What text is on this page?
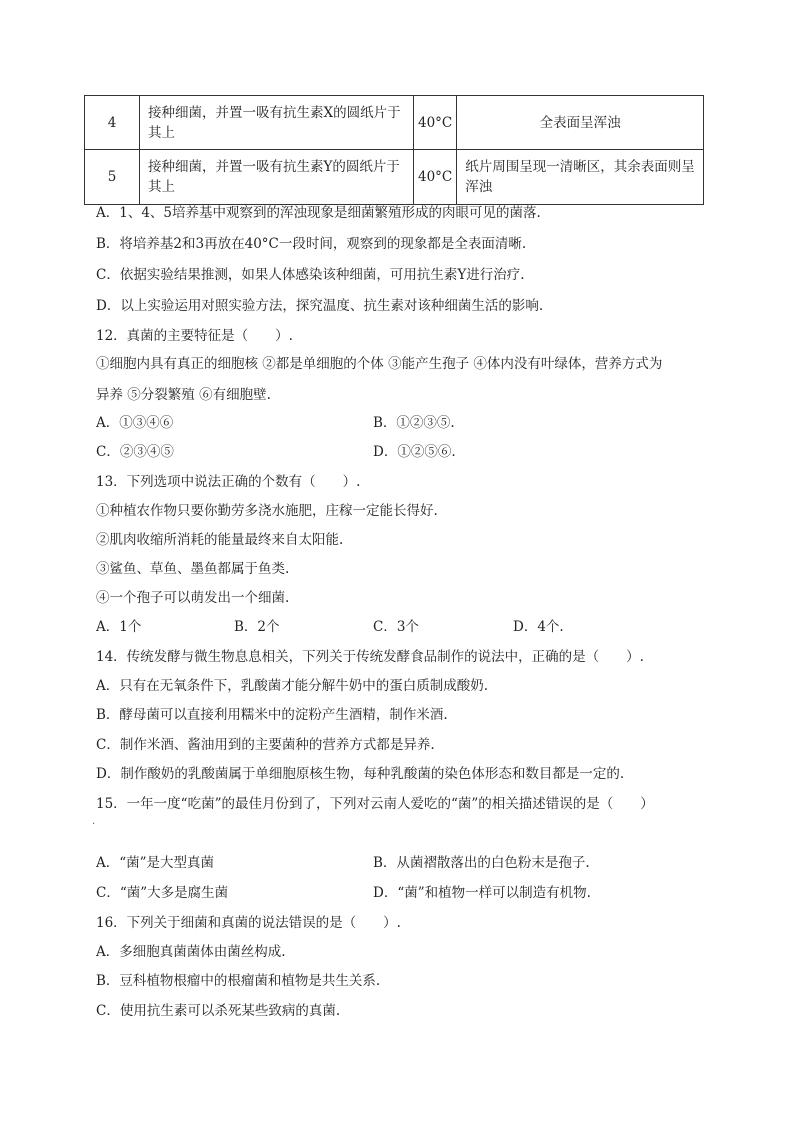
4	接种细菌，并置一吸有抗生素X的圆纸片于其上	40°C	全表面呈浑浊
5	接种细菌，并置一吸有抗生素Y的圆纸片于其上	40°C	纸片周围呈现一清晰区，其余表面则呈浑浊
A．1、4、5培养基中观察到的浑浊现象是细菌繁殖形成的肉眼可见的菌落.
B．将培养基2和3再放在40°C一段时间，观察到的现象都是全表面清晰.
C．依据实验结果推测，如果人体感染该种细菌，可用抗生素Y进行治疗.
D．以上实验运用对照实验方法，探究温度、抗生素对该种细菌生活的影响.
12．真菌的主要特征是（　　）.
①细胞内具有真正的细胞核 ②都是单细胞的个体 ③能产生孢子 ④体内没有叶绿体，营养方式为
异养 ⑤分裂繁殖 ⑥有细胞壁.
A．①③④⑥	B．①②③⑤.
C．②③④⑤	D．①②⑤⑥.
13．下列选项中说法正确的个数有（　　）.
①种植农作物只要你勤劳多浇水施肥，庄稼一定能长得好.
②肌肉收缩所消耗的能量最终来自太阳能.
③鲨鱼、草鱼、墨鱼都属于鱼类.
④一个孢子可以萌发出一个细菌.
A．1个	B．2个	C．3个	D．4个.
14．传统发酵与微生物息息相关，下列关于传统发酵食品制作的说法中，正确的是（　　）.
A．只有在无氧条件下，乳酸菌才能分解牛奶中的蛋白质制成酸奶.
B．酵母菌可以直接利用糯米中的淀粉产生酒精，制作米酒.
C．制作米酒、酱油用到的主要菌种的营养方式都是异养.
D．制作酸奶的乳酸菌属于单细胞原核生物，每种乳酸菌的染色体形态和数目都是一定的.
15．一年一度“吃菌”的最佳月份到了，下列对云南人爱吃的“菌”的相关描述错误的是（　　）
.
A．“菌”是大型真菌	B．从菌褶散落出的白色粉末是孢子.
C．“菌”大多是腐生菌	D．“菌”和植物一样可以制造有机物.
16．下列关于细菌和真菌的说法错误的是（　　）.
A．多细胞真菌菌体由菌丝构成.
B．豆科植物根瘤中的根瘤菌和植物是共生关系.
C．使用抗生素可以杀死某些致病的真菌.
